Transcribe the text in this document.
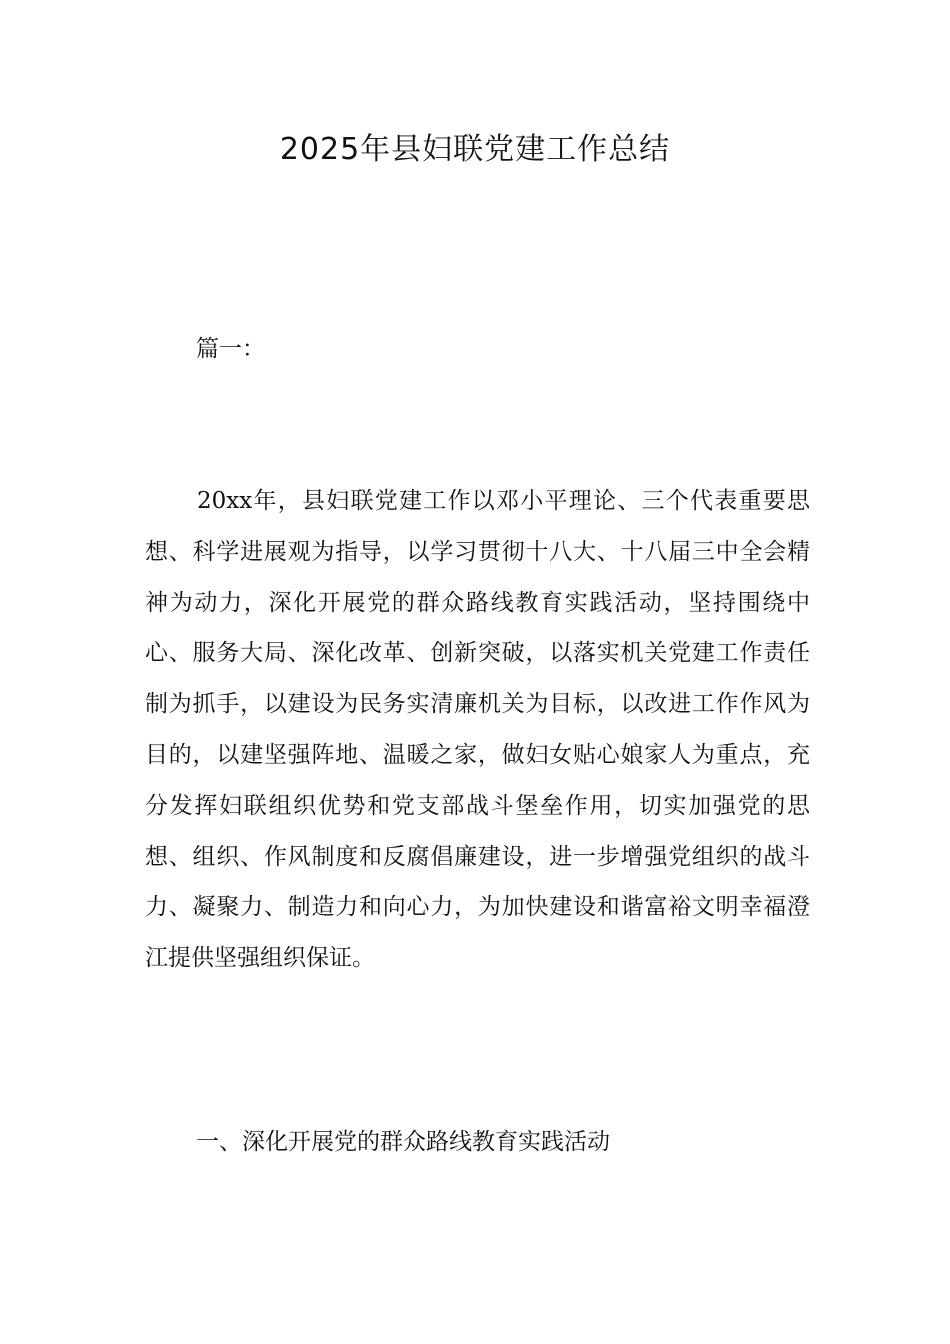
2025年县妇联党建工作总结
篇一：

20xx年，县妇联党建工作以邓小平理论、三个代表重要思想、科学进展观为指导，以学习贯彻十八大、十八届三中全会精神为动力，深化开展党的群众路线教育实践活动，坚持围绕中心、服务大局、深化改革、创新突破，以落实机关党建工作责任制为抓手，以建设为民务实清廉机关为目标，以改进工作作风为目的，以建坚强阵地、温暖之家，做妇女贴心娘家人为重点，充分发挥妇联组织优势和党支部战斗堡垒作用，切实加强党的思想、组织、作风制度和反腐倡廉建设，进一步增强党组织的战斗力、凝聚力、制造力和向心力，为加快建设和谐富裕文明幸福澄江提供坚强组织保证。

一、深化开展党的群众路线教育实践活动
